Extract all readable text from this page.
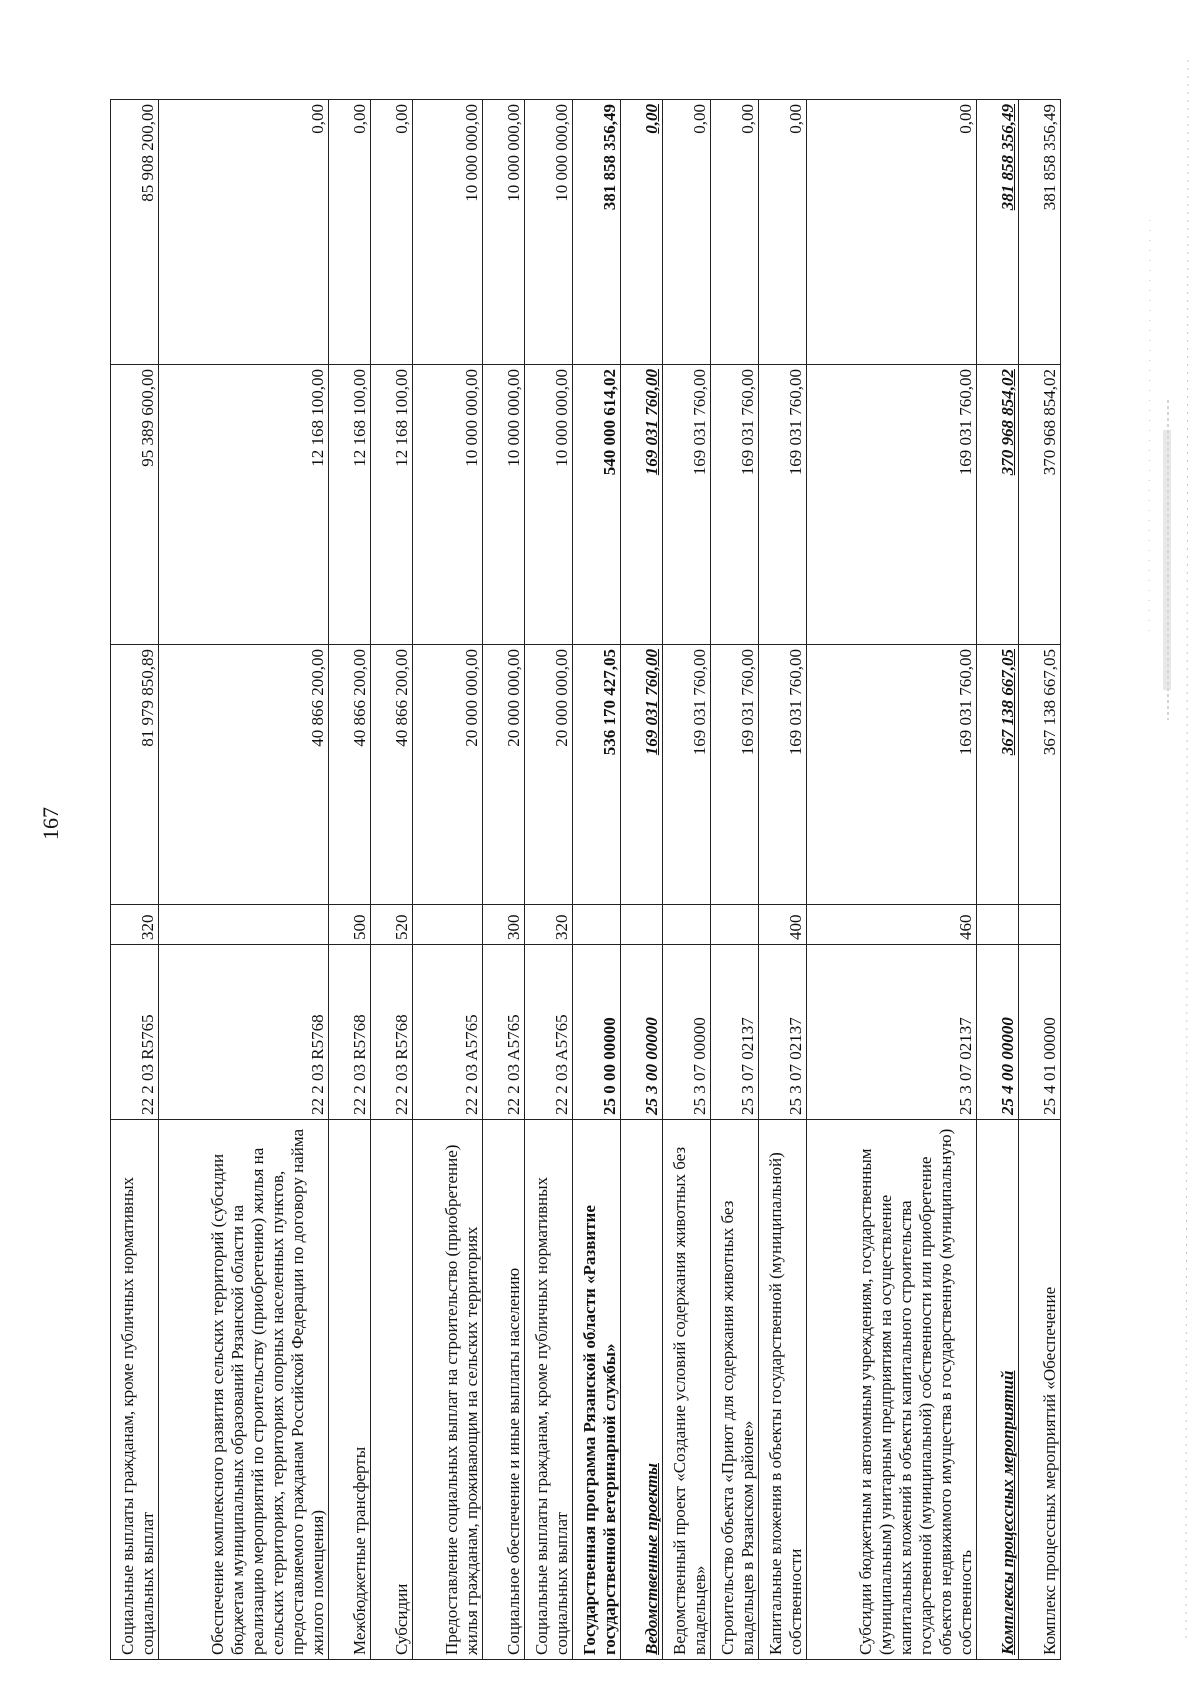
167
Социальные выплаты гражданам, кроме публичных нормативных социальных выплат	22 2 03 R5765	320	81 979 850,89	95 389 600,00	85 908 200,00
Обеспечение комплексного развития сельских территорий (субсидии бюджетам муниципальных образований Рязанской области на реализацию мероприятий по строительству (приобретению) жилья на сельских территориях, территориях опорных населенных пунктов, предоставляемого гражданам Российской Федерации по договору найма жилого помещения)	22 2 03 R5768		40 866 200,00	12 168 100,00	0,00
Межбюджетные трансферты	22 2 03 R5768	500	40 866 200,00	12 168 100,00	0,00
Субсидии	22 2 03 R5768	520	40 866 200,00	12 168 100,00	0,00
Предоставление социальных выплат на строительство (приобретение) жилья гражданам, проживающим на сельских территориях	22 2 03 A5765		20 000 000,00	10 000 000,00	10 000 000,00
Социальное обеспечение и иные выплаты населению	22 2 03 A5765	300	20 000 000,00	10 000 000,00	10 000 000,00
Социальные выплаты гражданам, кроме публичных нормативных социальных выплат	22 2 03 A5765	320	20 000 000,00	10 000 000,00	10 000 000,00
Государственная программа Рязанской области «Развитие государственной ветеринарной службы»	25 0 00 00000		536 170 427,05	540 000 614,02	381 858 356,49
Ведомственные проекты	25 3 00 00000		169 031 760,00	169 031 760,00	0,00
Ведомственный проект «Создание условий содержания животных без владельцев»	25 3 07 00000		169 031 760,00	169 031 760,00	0,00
Строительство объекта «Приют для содержания животных без владельцев в Рязанском районе»	25 3 07 02137		169 031 760,00	169 031 760,00	0,00
Капитальные вложения в объекты государственной (муниципальной) собственности	25 3 07 02137	400	169 031 760,00	169 031 760,00	0,00
Субсидии бюджетным и автономным учреждениям, государственным (муниципальным) унитарным предприятиям на осуществление капитальных вложений в объекты капитального строительства государственной (муниципальной) собственности или приобретение объектов недвижимого имущества в государственную (муниципальную) собственность	25 3 07 02137	460	169 031 760,00	169 031 760,00	0,00
Комплексы процессных мероприятий	25 4 00 00000		367 138 667,05	370 968 854,02	381 858 356,49
Комплекс процессных мероприятий «Обеспечение	25 4 01 00000		367 138 667,05	370 968 854,02	381 858 356,49
